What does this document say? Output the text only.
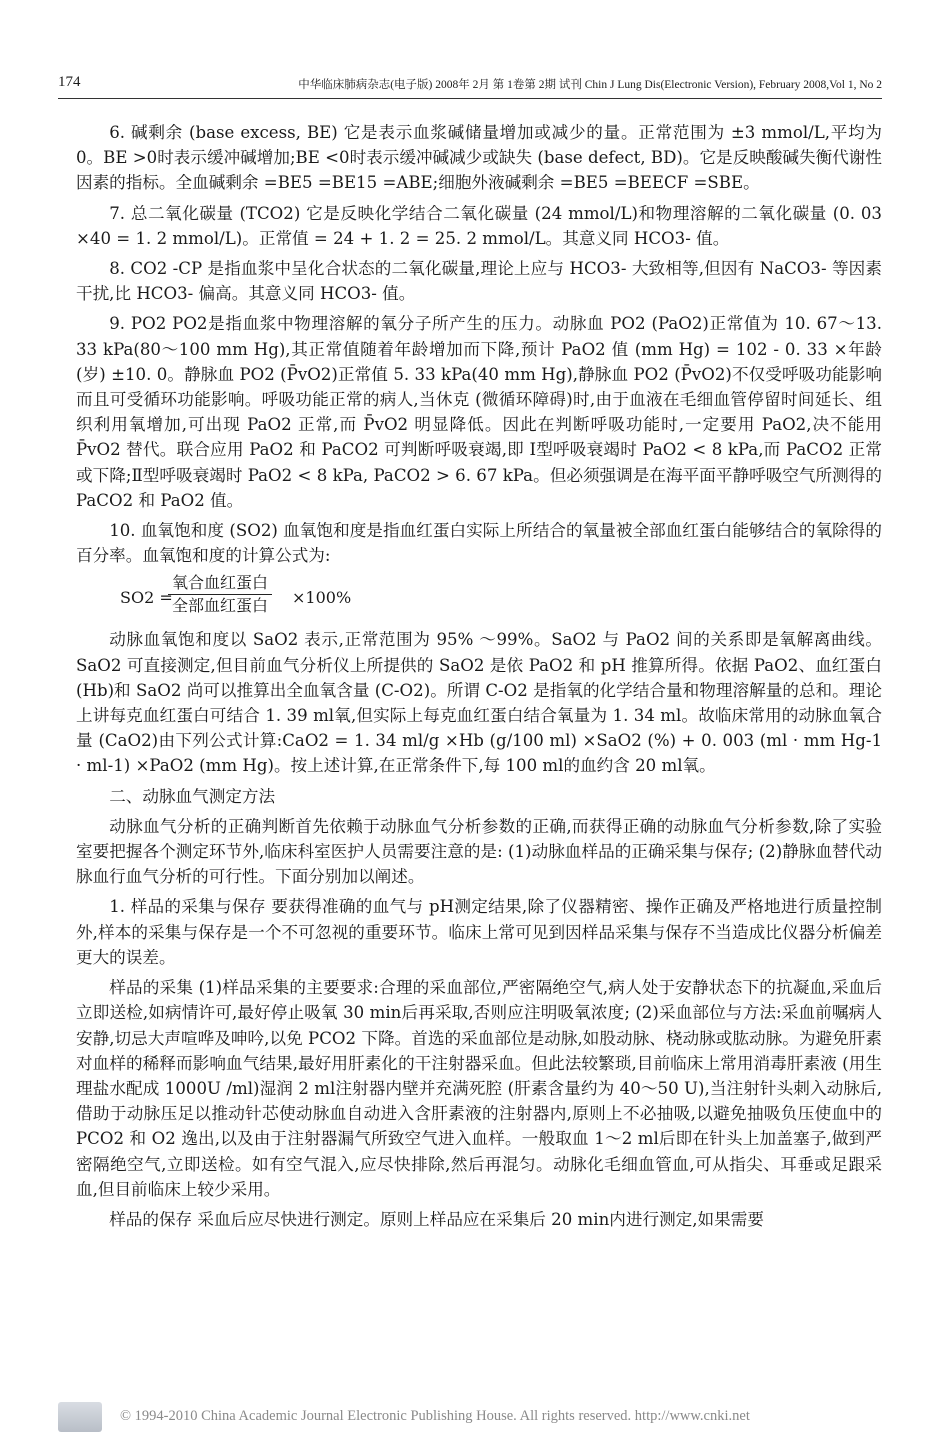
174	中华临床肺病杂志(电子版) 2008年 2月 第 1卷第 2期 试刊 Chin J Lung Dis(Electronic Version), February 2008,Vol 1, No 2

6. 碱剩余 (base excess, BE) 它是表示血浆碱储量增加或减少的量。正常范围为 ±3 mmol/L,平均为 0。BE >0时表示缓冲碱增加;BE <0时表示缓冲碱减少或缺失 (base defect, BD)。它是反映酸碱失衡代谢性因素的指标。全血碱剩余 =BE5 =BE15 =ABE;细胞外液碱剩余 =BE5 =BEECF =SBE。

7. 总二氧化碳量 (TCO2) 它是反映化学结合二氧化碳量 (24 mmol/L)和物理溶解的二氧化碳量 (0. 03 ×40 = 1. 2 mmol/L)。正常值 = 24 + 1. 2 = 25. 2 mmol/L。其意义同 HCO3- 值。

8. CO2 -CP 是指血浆中呈化合状态的二氧化碳量,理论上应与 HCO3- 大致相等,但因有 NaCO3- 等因素干扰,比 HCO3- 偏高。其意义同 HCO3- 值。

9. PO2 PO2是指血浆中物理溶解的氧分子所产生的压力。动脉血 PO2 (PaO2)正常值为 10. 67～13. 33 kPa(80～100 mm Hg),其正常值随着年龄增加而下降,预计 PaO2 值 (mm Hg) = 102 - 0. 33 ×年龄 (岁) ±10. 0。静脉血 PO2 (P̄vO2)正常值 5. 33 kPa(40 mm Hg),静脉血 PO2 (P̄vO2)不仅受呼吸功能影响而且可受循环功能影响。呼吸功能正常的病人,当休克 (微循环障碍)时,由于血液在毛细血管停留时间延长、组织利用氧增加,可出现 PaO2 正常,而 P̄vO2 明显降低。因此在判断呼吸功能时,一定要用 PaO2,决不能用 P̄vO2 替代。联合应用 PaO2 和 PaCO2 可判断呼吸衰竭,即 Ⅰ型呼吸衰竭时 PaO2 < 8 kPa,而 PaCO2 正常或下降;Ⅱ型呼吸衰竭时 PaO2 < 8 kPa, PaCO2 > 6. 67 kPa。但必须强调是在海平面平静呼吸空气所测得的 PaCO2 和 PaO2 值。

10. 血氧饱和度 (SO2) 血氧饱和度是指血红蛋白实际上所结合的氧量被全部血红蛋白能够结合的氧除得的百分率。血氧饱和度的计算公式为:

SO2 =
氧合血红蛋白
全部血红蛋白 ×100%

动脉血氧饱和度以 SaO2 表示,正常范围为 95% ～99%。SaO2 与 PaO2 间的关系即是氧解离曲线。SaO2 可直接测定,但目前血气分析仪上所提供的 SaO2 是依 PaO2 和 pH 推算所得。依据 PaO2、血红蛋白 (Hb)和 SaO2 尚可以推算出全血氧含量 (C-O2)。所谓 C-O2 是指氧的化学结合量和物理溶解量的总和。理论上讲每克血红蛋白可结合 1. 39 ml氧,但实际上每克血红蛋白结合氧量为 1. 34 ml。故临床常用的动脉血氧合量 (CaO2)由下列公式计算:CaO2 = 1. 34 ml/g ×Hb (g/100 ml) ×SaO2 (%) + 0. 003 (ml · mm Hg-1 · ml-1) ×PaO2 (mm Hg)。按上述计算,在正常条件下,每 100 ml的血约含 20 ml氧。

二、动脉血气测定方法

动脉血气分析的正确判断首先依赖于动脉血气分析参数的正确,而获得正确的动脉血气分析参数,除了实验室要把握各个测定环节外,临床科室医护人员需要注意的是: (1)动脉血样品的正确采集与保存; (2)静脉血替代动脉血行血气分析的可行性。下面分别加以阐述。

1. 样品的采集与保存 要获得准确的血气与 pH测定结果,除了仪器精密、操作正确及严格地进行质量控制外,样本的采集与保存是一个不可忽视的重要环节。临床上常可见到因样品采集与保存不当造成比仪器分析偏差更大的误差。

样品的采集 (1)样品采集的主要要求:合理的采血部位,严密隔绝空气,病人处于安静状态下的抗凝血,采血后立即送检,如病情许可,最好停止吸氧 30 min后再采取,否则应注明吸氧浓度; (2)采血部位与方法:采血前嘱病人安静,切忌大声喧哗及呻吟,以免 PCO2 下降。首选的采血部位是动脉,如股动脉、桡动脉或肱动脉。为避免肝素对血样的稀释而影响血气结果,最好用肝素化的干注射器采血。但此法较繁琐,目前临床上常用消毒肝素液 (用生理盐水配成 1000U /ml)湿润 2 ml注射器内壁并充满死腔 (肝素含量约为 40～50 U),当注射针头刺入动脉后,借助于动脉压足以推动针芯使动脉血自动进入含肝素液的注射器内,原则上不必抽吸,以避免抽吸负压使血中的 PCO2 和 O2 逸出,以及由于注射器漏气所致空气进入血样。一般取血 1～2 ml后即在针头上加盖塞子,做到严密隔绝空气,立即送检。如有空气混入,应尽快排除,然后再混匀。动脉化毛细血管血,可从指尖、耳垂或足跟采血,但目前临床上较少采用。

样品的保存 采血后应尽快进行测定。原则上样品应在采集后 20 min内进行测定,如果需要

© 1994-2010 China Academic Journal Electronic Publishing House. All rights reserved. http://www.cnki.net
